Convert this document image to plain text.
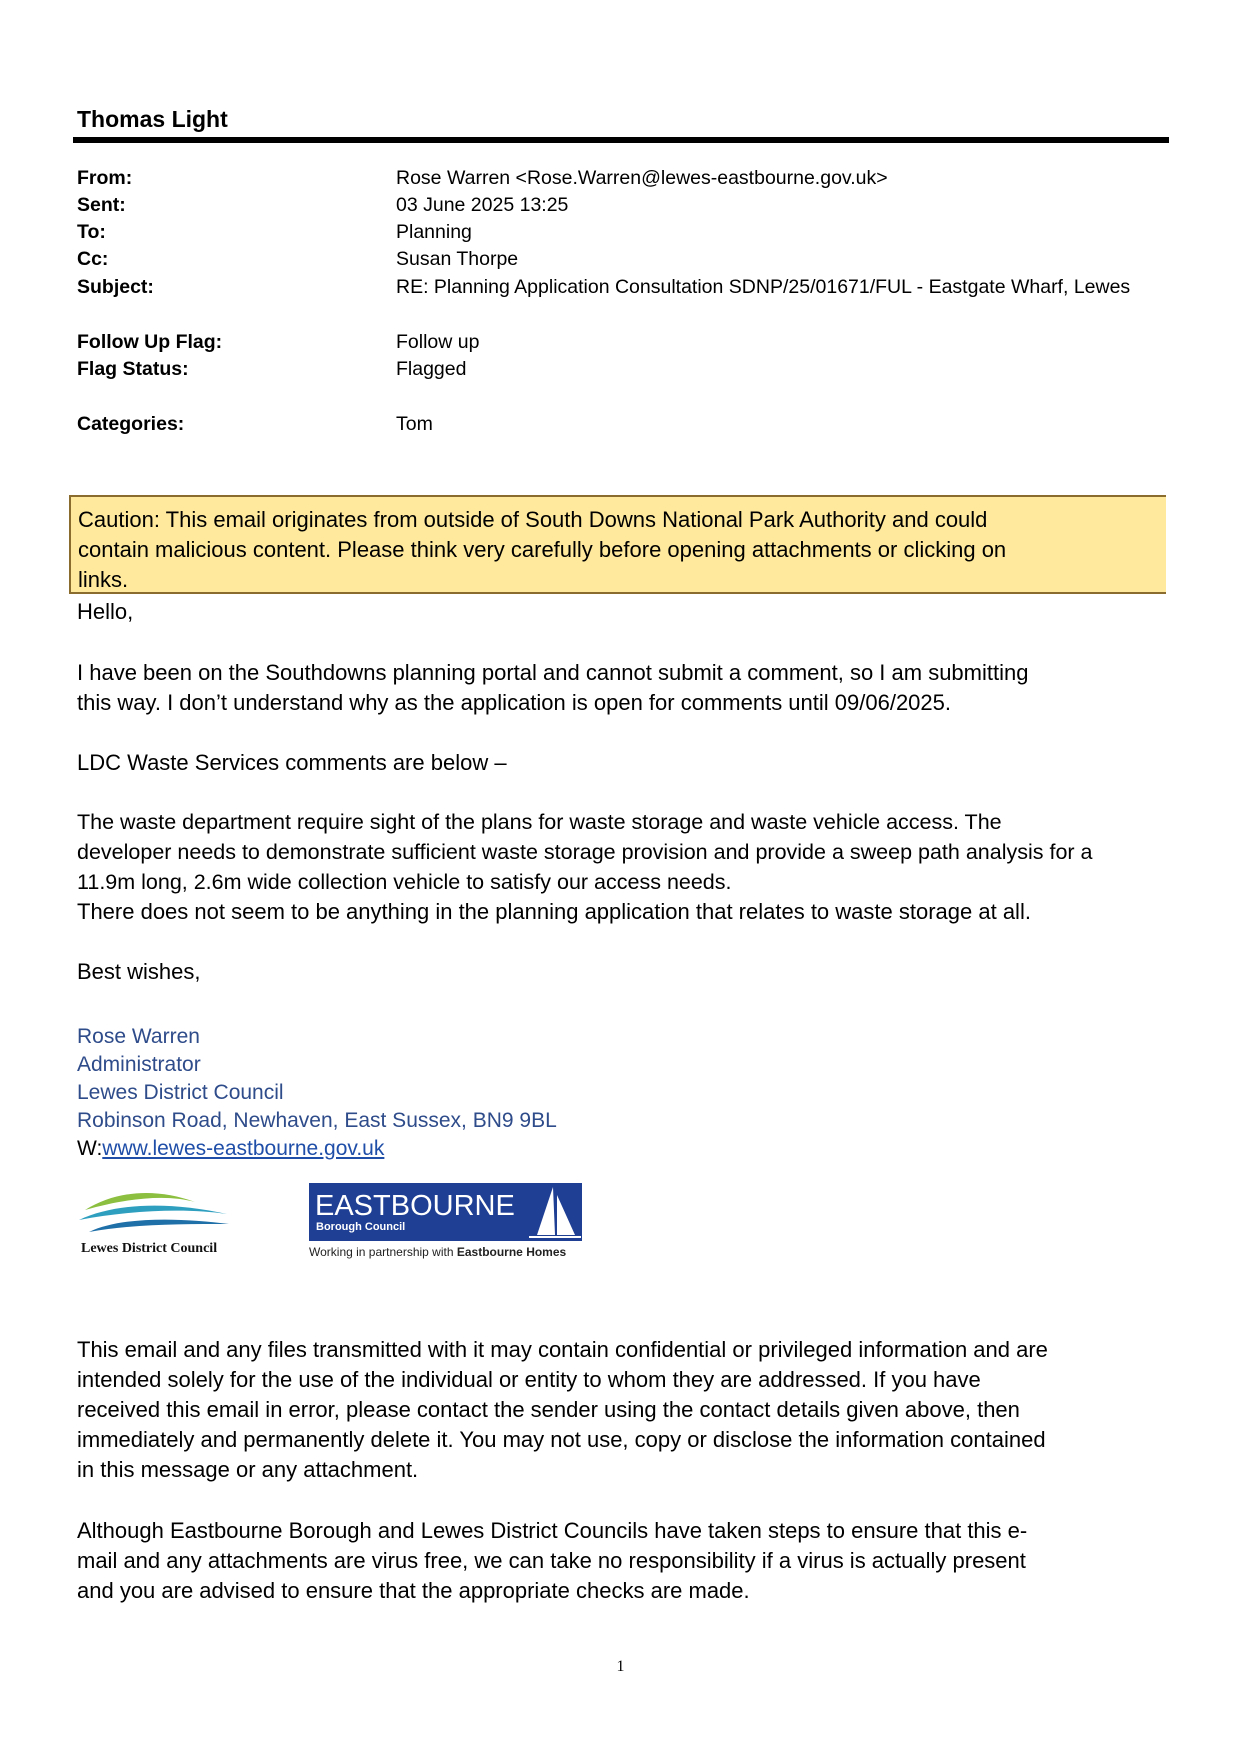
Thomas Light
From:	Rose Warren <Rose.Warren@lewes-eastbourne.gov.uk>
Sent:	03 June 2025 13:25
To:	Planning
Cc:	Susan Thorpe
Subject:	RE: Planning Application Consultation SDNP/25/01671/FUL - Eastgate Wharf, Lewes
Follow Up Flag:	Follow up
Flag Status:	Flagged
Categories:	Tom
Caution: This email originates from outside of South Downs National Park Authority and could
contain malicious content. Please think very carefully before opening attachments or clicking on
links.

Hello,

I have been on the Southdowns planning portal and cannot submit a comment, so I am submitting

this way. I don’t understand why as the application is open for comments until 09/06/2025.

LDC Waste Services comments are below –

The waste department require sight of the plans for waste storage and waste vehicle access. The

developer needs to demonstrate sufficient waste storage provision and provide a sweep path analysis for a

11.9m long, 2.6m wide collection vehicle to satisfy our access needs.

There does not seem to be anything in the planning application that relates to waste storage at all.

Best wishes,

Rose Warren
Administrator
Lewes District Council
Robinson Road, Newhaven, East Sussex, BN9 9BL
W:www.lewes-eastbourne.gov.uk
Lewes District Council
EASTBOURNE
Borough Council
Working in partnership with Eastbourne Homes

This email and any files transmitted with it may contain confidential or privileged information and are

intended solely for the use of the individual or entity to whom they are addressed. If you have

received this email in error, please contact the sender using the contact details given above, then

immediately and permanently delete it. You may not use, copy or disclose the information contained

in this message or any attachment.

Although Eastbourne Borough and Lewes District Councils have taken steps to ensure that this e-

mail and any attachments are virus free, we can take no responsibility if a virus is actually present

and you are advised to ensure that the appropriate checks are made.

1
